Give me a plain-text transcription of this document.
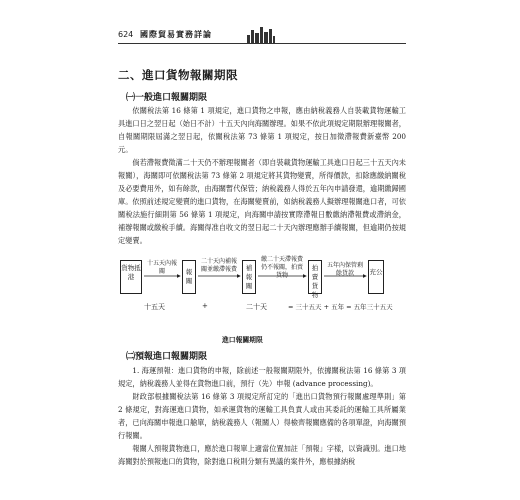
624 國際貿易實務詳論
二、進口貨物報關期限
㈠一般進口報關期限

依關稅法第 16 條第 1 項規定，進口貨物之申報，應由納稅義務人自裝載貨物運輸工具進口日之翌日起（始日不計）十五天內向海關辦理。如果不依此項規定期限辦理報關者，自報關期限屆滿之翌日起，依關稅法第 73 條第 1 項規定，按日加徵滯報費新臺幣 200 元。

倘若滯報費徵滿二十天仍不辦理報關者（即自裝載貨物運輸工具進口日起三十五天內未報關），海關即可依關稅法第 73 條第 2 項規定將其貨物變賣，所得價款，扣除應繳納關稅及必要費用外，如有餘款，由海關暫代保管；納稅義務人得於五年內申請發還，逾期繳歸國庫。依照前述規定變賣的進口貨物，在海關變賣前，如納稅義務人擬辦理報關進口者，可依關稅法施行細則第 56 條第 1 項規定，向海關申請按實際滯報日數繳納滯報費或滯納金，補辦報關或繳稅手續。海關得准自收文的翌日起二十天內辦理應辦手續報關，但逾期仍按規定變賣。

貨物抵港
十五天內報關	報關
二十天內補報關並繳滯報費	補報關
繳二十天滯報費仍不報關，拍賣貨物
拍賣貨物
五年內保管剩餘貨款	充公
十五天	+	二十天	= 三十五天 + 五年 = 五年三十五天
進口報關期限
㈡預報進口報關期限

1. 海運預報：進口貨物的申報，除前述一般報關期限外，依據關稅法第 16 條第 3 項規定，納稅義務人並得在貨物進口前，預行（先）申報 (advance processing)。

財政部根據關稅法第 16 條第 3 項規定所訂定的「進出口貨物預行報關處理準則」第 2 條規定，對海運進口貨物，如承運貨物的運輸工具負責人或由其委託的運輸工具所屬業者，已向海關申報進口艙單，納稅義務人（報關人）得檢齊報關應備的各項單證，向海關預行報關。

報關人預報貨物進口，應於進口報單上適當位置加註「預報」字樣，以資識別。進口地海關對於預報進口的貨物，除對進口稅則分類有異議的案件外，應根據納稅
